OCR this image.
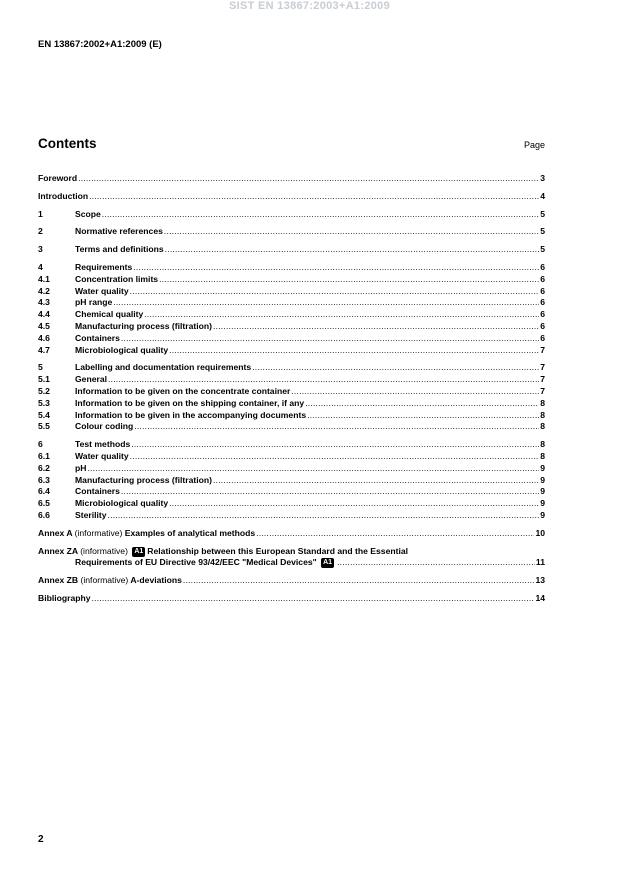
SIST EN 13867:2003+A1:2009
EN 13867:2002+A1:2009 (E)
Contents	Page
Foreword .....	3
Introduction .....	4
1	Scope .....	5
2	Normative references .....	5
3	Terms and definitions .....	5
4	Requirements .....	6
4.1	Concentration limits .....	6
4.2	Water quality .....	6
4.3	pH range .....	6
4.4	Chemical quality .....	6
4.5	Manufacturing process (filtration) .....	6
4.6	Containers .....	6
4.7	Microbiological quality .....	7
5	Labelling and documentation requirements .....	7
5.1	General .....	7
5.2	Information to be given on the concentrate container .....	7
5.3	Information to be given on the shipping container, if any .....	8
5.4	Information to be given in the accompanying documents .....	8
5.5	Colour coding .....	8
6	Test methods .....	8
6.1	Water quality .....	8
6.2	pH .....	9
6.3	Manufacturing process (filtration) .....	9
6.4	Containers .....	9
6.5	Microbiological quality .....	9
6.6	Sterility .....	9
Annex A (informative) Examples of analytical methods .....	10
Annex ZA (informative) A1 Relationship between this European Standard and the Essential
Requirements of EU Directive 93/42/EEC "Medical Devices" A1 .....	11
Annex ZB (informative) A-deviations .....	13
Bibliography .....	14
2
